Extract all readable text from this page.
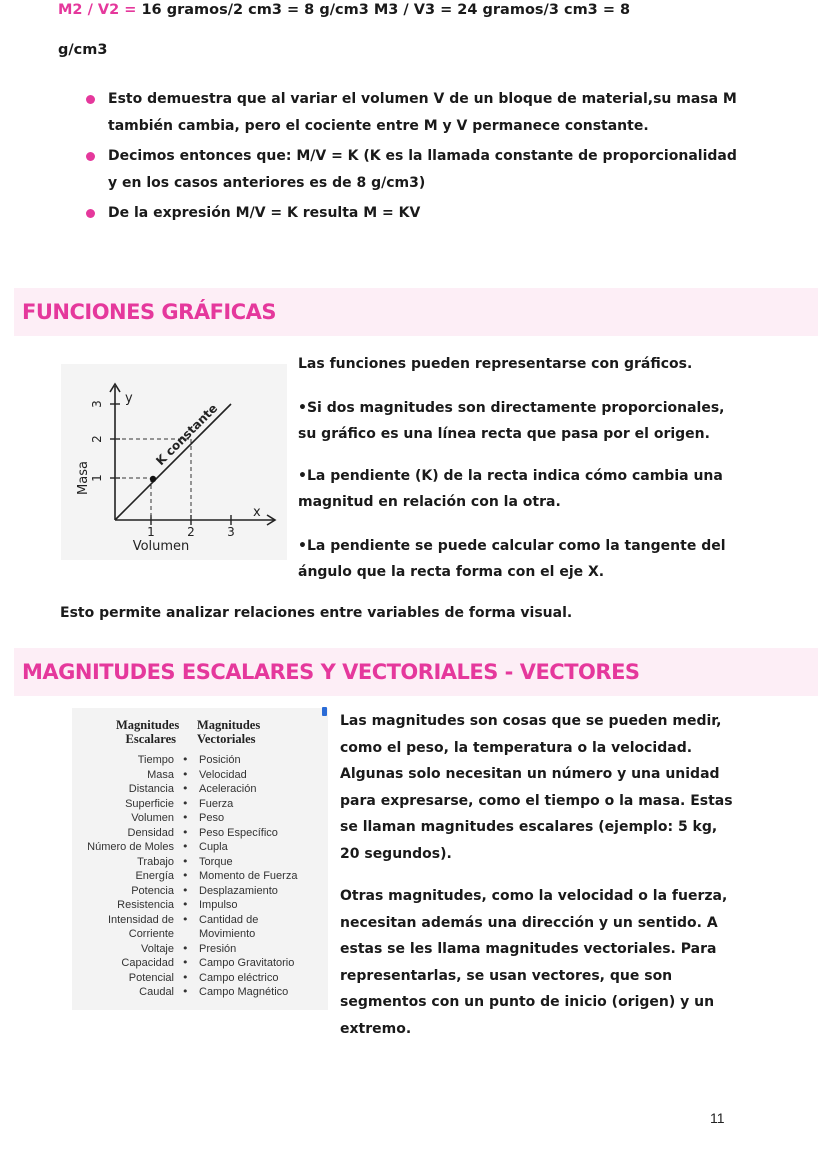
M2 / V2 = 16 gramos/2 cm3 = 8 g/cm3 M3 / V3 = 24 gramos/3 cm3 = 8
g/cm3
Esto demuestra que al variar el volumen V de un bloque de material,su masa M también cambia, pero el cociente entre M y V permanece constante.
Decimos entonces que: M/V = K (K es la llamada constante de proporcionalidad y en los casos anteriores es de 8 g/cm3)
De la expresión M/V = K resulta M = KV
FUNCIONES GRÁFICAS
1
2
3
1	2	3
y
x
Masa
Volumen
K constante
Las funciones pueden representarse con gráficos.
•Si dos magnitudes son directamente proporcionales, su gráfico es una línea recta que pasa por el origen.
•La pendiente (K) de la recta indica cómo cambia una magnitud en relación con la otra.
•La pendiente se puede calcular como la tangente del ángulo que la recta forma con el eje X.
Esto permite analizar relaciones entre variables de forma visual.
MAGNITUDES ESCALARES Y VECTORIALES - VECTORES
Magnitudes
Escalares
Magnitudes
Vectoriales
Tiempo
Masa
Distancia
Superficie
Volumen
Densidad
Número de Moles
Trabajo
Energía
Potencia
Resistencia
Intensidad de
Corriente
Voltaje
Capacidad
Potencial
Caudal
•
•
•
•
•
•
•
•
•
•
•
•
•
•
•
•
Posición
Velocidad
Aceleración
Fuerza
Peso
Peso Específico
Cupla
Torque
Momento de Fuerza
Desplazamiento
Impulso
Cantidad de
Movimiento
Presión
Campo Gravitatorio
Campo eléctrico
Campo Magnético
Las magnitudes son cosas que se pueden medir, como el peso, la temperatura o la velocidad. Algunas solo necesitan un número y una unidad para expresarse, como el tiempo o la masa. Estas se llaman magnitudes escalares (ejemplo: 5 kg, 20 segundos).
Otras magnitudes, como la velocidad o la fuerza, necesitan además una dirección y un sentido. A estas se les llama magnitudes vectoriales. Para representarlas, se usan vectores, que son segmentos con un punto de inicio (origen) y un extremo.
11
